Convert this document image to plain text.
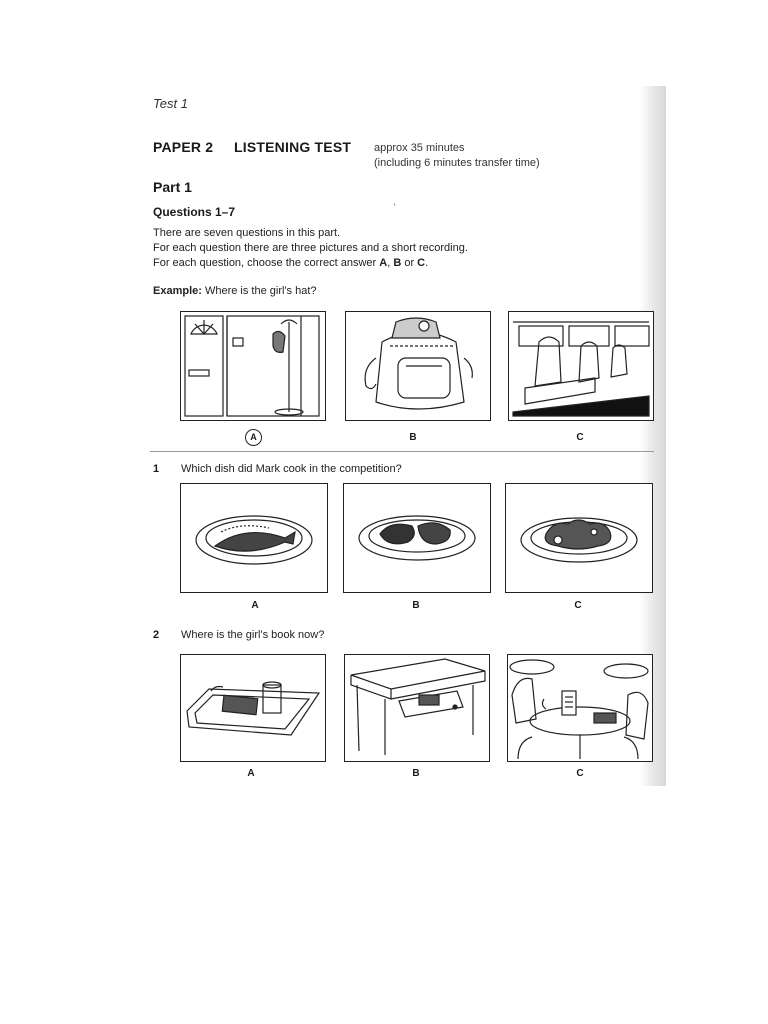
Test 1
PAPER 2 LISTENING TEST approx 35 minutes
(including 6 minutes transfer time)
Part 1
Questions 1–7	ˈ
There are seven questions in this part.
For each question there are three pictures and a short recording.
For each question, choose the correct answer A, B or C.
Example: Where is the girl's hat?
A	B	C
1 Which dish did Mark cook in the competition?
A	B	C
2 Where is the girl's book now?
A	B	C
